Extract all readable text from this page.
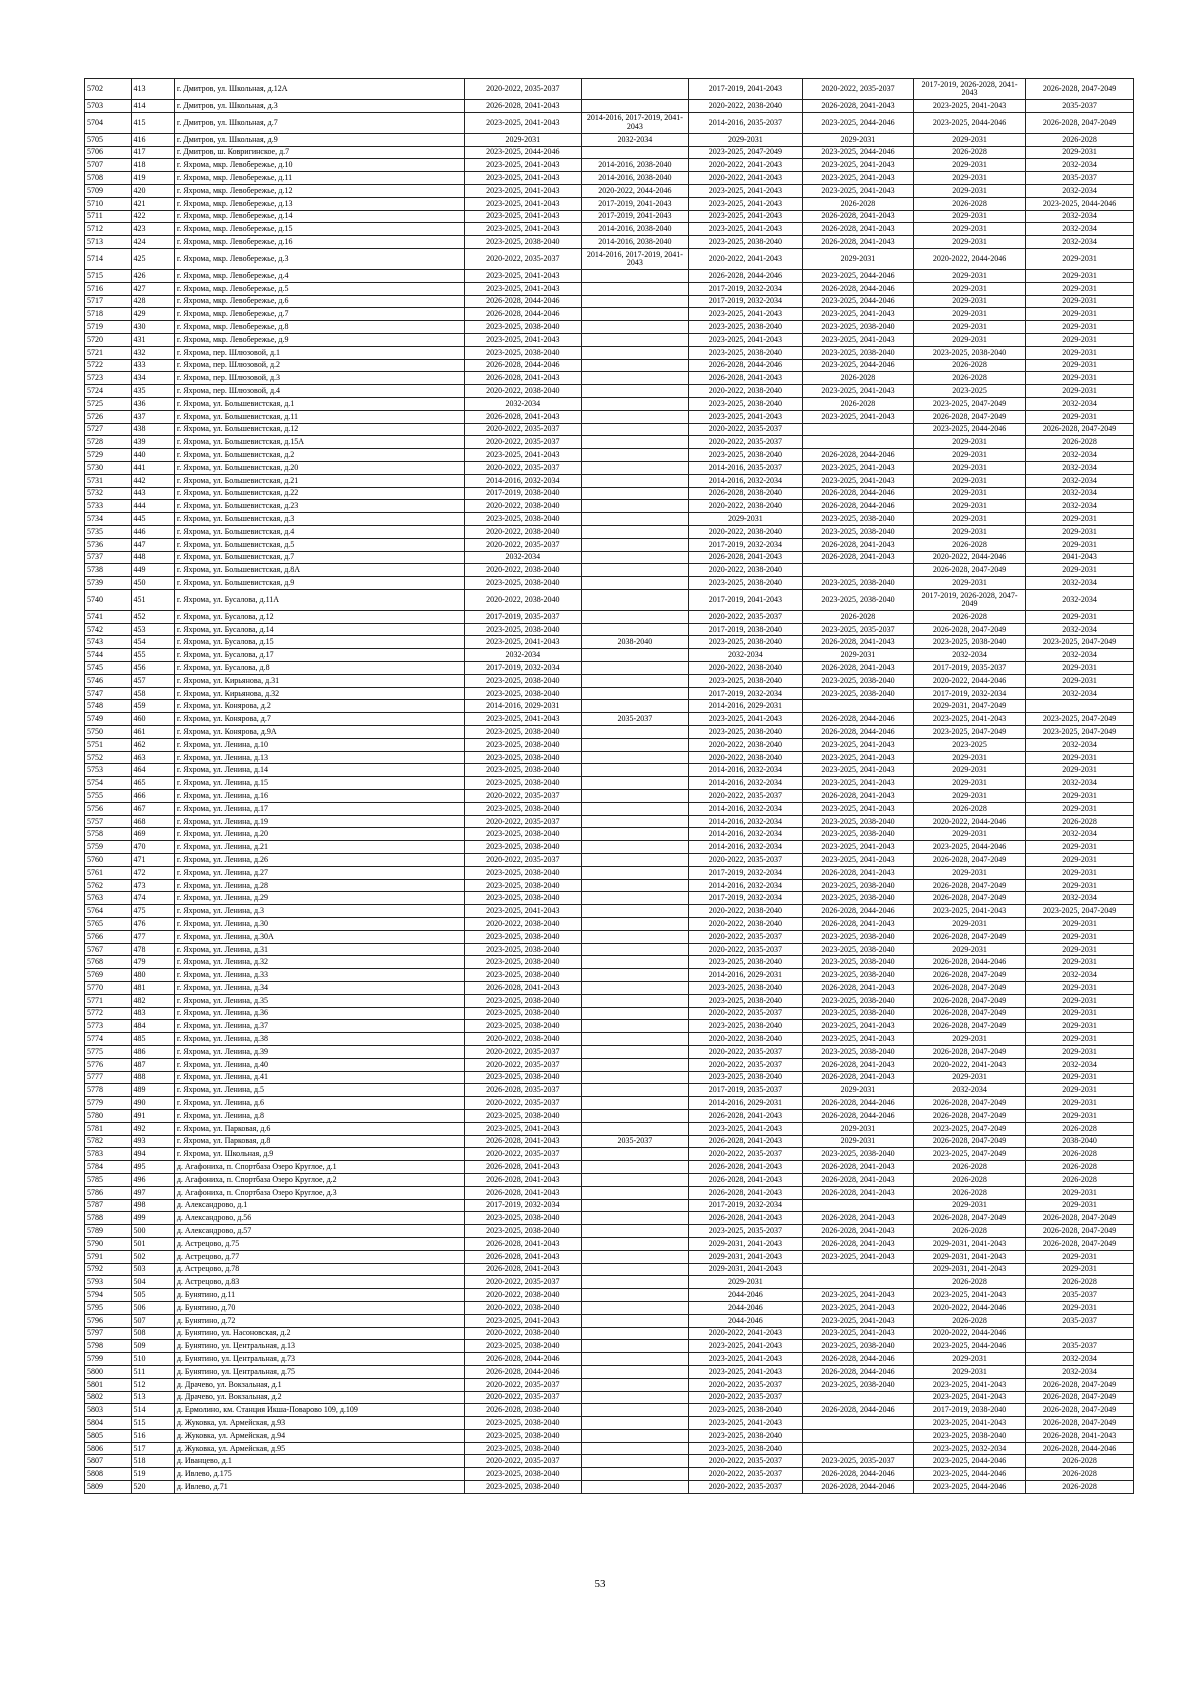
5702	413	г. Дмитров, ул. Школьная, д.12А	2020-2022, 2035-2037		2017-2019, 2041-2043	2020-2022, 2035-2037	2017-2019, 2026-2028, 2041-2043	2026-2028, 2047-2049
5703	414	г. Дмитров, ул. Школьная, д.3	2026-2028, 2041-2043		2020-2022, 2038-2040	2026-2028, 2041-2043	2023-2025, 2041-2043	2035-2037
5704	415	г. Дмитров, ул. Школьная, д.7	2023-2025, 2041-2043	2014-2016, 2017-2019, 2041-2043	2014-2016, 2035-2037	2023-2025, 2044-2046	2023-2025, 2044-2046	2026-2028, 2047-2049
5705	416	г. Дмитров, ул. Школьная, д.9	2029-2031	2032-2034	2029-2031	2029-2031	2029-2031	2026-2028
5706	417	г. Дмитров, ш. Ковригинское, д.7	2023-2025, 2044-2046		2023-2025, 2047-2049	2023-2025, 2044-2046	2026-2028	2029-2031
5707	418	г. Яхрома, мкр. Левобережье, д.10	2023-2025, 2041-2043	2014-2016, 2038-2040	2020-2022, 2041-2043	2023-2025, 2041-2043	2029-2031	2032-2034
5708	419	г. Яхрома, мкр. Левобережье, д.11	2023-2025, 2041-2043	2014-2016, 2038-2040	2020-2022, 2041-2043	2023-2025, 2041-2043	2029-2031	2035-2037
5709	420	г. Яхрома, мкр. Левобережье, д.12	2023-2025, 2041-2043	2020-2022, 2044-2046	2023-2025, 2041-2043	2023-2025, 2041-2043	2029-2031	2032-2034
5710	421	г. Яхрома, мкр. Левобережье, д.13	2023-2025, 2041-2043	2017-2019, 2041-2043	2023-2025, 2041-2043	2026-2028	2026-2028	2023-2025, 2044-2046
5711	422	г. Яхрома, мкр. Левобережье, д.14	2023-2025, 2041-2043	2017-2019, 2041-2043	2023-2025, 2041-2043	2026-2028, 2041-2043	2029-2031	2032-2034
5712	423	г. Яхрома, мкр. Левобережье, д.15	2023-2025, 2041-2043	2014-2016, 2038-2040	2023-2025, 2041-2043	2026-2028, 2041-2043	2029-2031	2032-2034
5713	424	г. Яхрома, мкр. Левобережье, д.16	2023-2025, 2038-2040	2014-2016, 2038-2040	2023-2025, 2038-2040	2026-2028, 2041-2043	2029-2031	2032-2034
5714	425	г. Яхрома, мкр. Левобережье, д.3	2020-2022, 2035-2037	2014-2016, 2017-2019, 2041-2043	2020-2022, 2041-2043	2029-2031	2020-2022, 2044-2046	2029-2031
5715	426	г. Яхрома, мкр. Левобережье, д.4	2023-2025, 2041-2043		2026-2028, 2044-2046	2023-2025, 2044-2046	2029-2031	2029-2031
5716	427	г. Яхрома, мкр. Левобережье, д.5	2023-2025, 2041-2043		2017-2019, 2032-2034	2026-2028, 2044-2046	2029-2031	2029-2031
5717	428	г. Яхрома, мкр. Левобережье, д.6	2026-2028, 2044-2046		2017-2019, 2032-2034	2023-2025, 2044-2046	2029-2031	2029-2031
5718	429	г. Яхрома, мкр. Левобережье, д.7	2026-2028, 2044-2046		2023-2025, 2041-2043	2023-2025, 2041-2043	2029-2031	2029-2031
5719	430	г. Яхрома, мкр. Левобережье, д.8	2023-2025, 2038-2040		2023-2025, 2038-2040	2023-2025, 2038-2040	2029-2031	2029-2031
5720	431	г. Яхрома, мкр. Левобережье, д.9	2023-2025, 2041-2043		2023-2025, 2041-2043	2023-2025, 2041-2043	2029-2031	2029-2031
5721	432	г. Яхрома, пер. Шлюзовой, д.1	2023-2025, 2038-2040		2023-2025, 2038-2040	2023-2025, 2038-2040	2023-2025, 2038-2040	2029-2031
5722	433	г. Яхрома, пер. Шлюзовой, д.2	2026-2028, 2044-2046		2026-2028, 2044-2046	2023-2025, 2044-2046	2026-2028	2029-2031
5723	434	г. Яхрома, пер. Шлюзовой, д.3	2026-2028, 2041-2043		2026-2028, 2041-2043	2026-2028	2026-2028	2029-2031
5724	435	г. Яхрома, пер. Шлюзовой, д.4	2020-2022, 2038-2040		2020-2022, 2038-2040	2023-2025, 2041-2043	2023-2025	2029-2031
5725	436	г. Яхрома, ул. Большевистская, д.1	2032-2034		2023-2025, 2038-2040	2026-2028	2023-2025, 2047-2049	2032-2034
5726	437	г. Яхрома, ул. Большевистская, д.11	2026-2028, 2041-2043		2023-2025, 2041-2043	2023-2025, 2041-2043	2026-2028, 2047-2049	2029-2031
5727	438	г. Яхрома, ул. Большевистская, д.12	2020-2022, 2035-2037		2020-2022, 2035-2037		2023-2025, 2044-2046	2026-2028, 2047-2049
5728	439	г. Яхрома, ул. Большевистская, д.15А	2020-2022, 2035-2037		2020-2022, 2035-2037		2029-2031	2026-2028
5729	440	г. Яхрома, ул. Большевистская, д.2	2023-2025, 2041-2043		2023-2025, 2038-2040	2026-2028, 2044-2046	2029-2031	2032-2034
5730	441	г. Яхрома, ул. Большевистская, д.20	2020-2022, 2035-2037		2014-2016, 2035-2037	2023-2025, 2041-2043	2029-2031	2032-2034
5731	442	г. Яхрома, ул. Большевистская, д.21	2014-2016, 2032-2034		2014-2016, 2032-2034	2023-2025, 2041-2043	2029-2031	2032-2034
5732	443	г. Яхрома, ул. Большевистская, д.22	2017-2019, 2038-2040		2026-2028, 2038-2040	2026-2028, 2044-2046	2029-2031	2032-2034
5733	444	г. Яхрома, ул. Большевистская, д.23	2020-2022, 2038-2040		2020-2022, 2038-2040	2026-2028, 2044-2046	2029-2031	2032-2034
5734	445	г. Яхрома, ул. Большевистская, д.3	2023-2025, 2038-2040		2029-2031	2023-2025, 2038-2040	2029-2031	2029-2031
5735	446	г. Яхрома, ул. Большевистская, д.4	2020-2022, 2038-2040		2020-2022, 2038-2040	2023-2025, 2038-2040	2029-2031	2029-2031
5736	447	г. Яхрома, ул. Большевистская, д.5	2020-2022, 2035-2037		2017-2019, 2032-2034	2026-2028, 2041-2043	2026-2028	2029-2031
5737	448	г. Яхрома, ул. Большевистская, д.7	2032-2034		2026-2028, 2041-2043	2026-2028, 2041-2043	2020-2022, 2044-2046	2041-2043
5738	449	г. Яхрома, ул. Большевистская, д.8А	2020-2022, 2038-2040		2020-2022, 2038-2040		2026-2028, 2047-2049	2029-2031
5739	450	г. Яхрома, ул. Большевистская, д.9	2023-2025, 2038-2040		2023-2025, 2038-2040	2023-2025, 2038-2040	2029-2031	2032-2034
5740	451	г. Яхрома, ул. Бусалова, д.11А	2020-2022, 2038-2040		2017-2019, 2041-2043	2023-2025, 2038-2040	2017-2019, 2026-2028, 2047-2049	2032-2034
5741	452	г. Яхрома, ул. Бусалова, д.12	2017-2019, 2035-2037		2020-2022, 2035-2037	2026-2028	2026-2028	2029-2031
5742	453	г. Яхрома, ул. Бусалова, д.14	2023-2025, 2038-2040		2017-2019, 2038-2040	2023-2025, 2035-2037	2026-2028, 2047-2049	2032-2034
5743	454	г. Яхрома, ул. Бусалова, д.15	2023-2025, 2041-2043	2038-2040	2023-2025, 2038-2040	2026-2028, 2041-2043	2023-2025, 2038-2040	2023-2025, 2047-2049
5744	455	г. Яхрома, ул. Бусалова, д.17	2032-2034		2032-2034	2029-2031	2032-2034	2032-2034
5745	456	г. Яхрома, ул. Бусалова, д.8	2017-2019, 2032-2034		2020-2022, 2038-2040	2026-2028, 2041-2043	2017-2019, 2035-2037	2029-2031
5746	457	г. Яхрома, ул. Кирьянова, д.31	2023-2025, 2038-2040		2023-2025, 2038-2040	2023-2025, 2038-2040	2020-2022, 2044-2046	2029-2031
5747	458	г. Яхрома, ул. Кирьянова, д.32	2023-2025, 2038-2040		2017-2019, 2032-2034	2023-2025, 2038-2040	2017-2019, 2032-2034	2032-2034
5748	459	г. Яхрома, ул. Конярова, д.2	2014-2016, 2029-2031		2014-2016, 2029-2031		2029-2031, 2047-2049	
5749	460	г. Яхрома, ул. Конярова, д.7	2023-2025, 2041-2043	2035-2037	2023-2025, 2041-2043	2026-2028, 2044-2046	2023-2025, 2041-2043	2023-2025, 2047-2049
5750	461	г. Яхрома, ул. Конярова, д.9А	2023-2025, 2038-2040		2023-2025, 2038-2040	2026-2028, 2044-2046	2023-2025, 2047-2049	2023-2025, 2047-2049
5751	462	г. Яхрома, ул. Ленина, д.10	2023-2025, 2038-2040		2020-2022, 2038-2040	2023-2025, 2041-2043	2023-2025	2032-2034
5752	463	г. Яхрома, ул. Ленина, д.13	2023-2025, 2038-2040		2020-2022, 2038-2040	2023-2025, 2041-2043	2029-2031	2029-2031
5753	464	г. Яхрома, ул. Ленина, д.14	2023-2025, 2038-2040		2014-2016, 2032-2034	2023-2025, 2041-2043	2029-2031	2029-2031
5754	465	г. Яхрома, ул. Ленина, д.15	2023-2025, 2038-2040		2014-2016, 2032-2034	2023-2025, 2041-2043	2029-2031	2032-2034
5755	466	г. Яхрома, ул. Ленина, д.16	2020-2022, 2035-2037		2020-2022, 2035-2037	2026-2028, 2041-2043	2029-2031	2029-2031
5756	467	г. Яхрома, ул. Ленина, д.17	2023-2025, 2038-2040		2014-2016, 2032-2034	2023-2025, 2041-2043	2026-2028	2029-2031
5757	468	г. Яхрома, ул. Ленина, д.19	2020-2022, 2035-2037		2014-2016, 2032-2034	2023-2025, 2038-2040	2020-2022, 2044-2046	2026-2028
5758	469	г. Яхрома, ул. Ленина, д.20	2023-2025, 2038-2040		2014-2016, 2032-2034	2023-2025, 2038-2040	2029-2031	2032-2034
5759	470	г. Яхрома, ул. Ленина, д.21	2023-2025, 2038-2040		2014-2016, 2032-2034	2023-2025, 2041-2043	2023-2025, 2044-2046	2029-2031
5760	471	г. Яхрома, ул. Ленина, д.26	2020-2022, 2035-2037		2020-2022, 2035-2037	2023-2025, 2041-2043	2026-2028, 2047-2049	2029-2031
5761	472	г. Яхрома, ул. Ленина, д.27	2023-2025, 2038-2040		2017-2019, 2032-2034	2026-2028, 2041-2043	2029-2031	2029-2031
5762	473	г. Яхрома, ул. Ленина, д.28	2023-2025, 2038-2040		2014-2016, 2032-2034	2023-2025, 2038-2040	2026-2028, 2047-2049	2029-2031
5763	474	г. Яхрома, ул. Ленина, д.29	2023-2025, 2038-2040		2017-2019, 2032-2034	2023-2025, 2038-2040	2026-2028, 2047-2049	2032-2034
5764	475	г. Яхрома, ул. Ленина, д.3	2023-2025, 2041-2043		2020-2022, 2038-2040	2026-2028, 2044-2046	2023-2025, 2041-2043	2023-2025, 2047-2049
5765	476	г. Яхрома, ул. Ленина, д.30	2020-2022, 2038-2040		2020-2022, 2038-2040	2026-2028, 2041-2043	2029-2031	2029-2031
5766	477	г. Яхрома, ул. Ленина, д.30А	2023-2025, 2038-2040		2020-2022, 2035-2037	2023-2025, 2038-2040	2026-2028, 2047-2049	2029-2031
5767	478	г. Яхрома, ул. Ленина, д.31	2023-2025, 2038-2040		2020-2022, 2035-2037	2023-2025, 2038-2040	2029-2031	2029-2031
5768	479	г. Яхрома, ул. Ленина, д.32	2023-2025, 2038-2040		2023-2025, 2038-2040	2023-2025, 2038-2040	2026-2028, 2044-2046	2029-2031
5769	480	г. Яхрома, ул. Ленина, д.33	2023-2025, 2038-2040		2014-2016, 2029-2031	2023-2025, 2038-2040	2026-2028, 2047-2049	2032-2034
5770	481	г. Яхрома, ул. Ленина, д.34	2026-2028, 2041-2043		2023-2025, 2038-2040	2026-2028, 2041-2043	2026-2028, 2047-2049	2029-2031
5771	482	г. Яхрома, ул. Ленина, д.35	2023-2025, 2038-2040		2023-2025, 2038-2040	2023-2025, 2038-2040	2026-2028, 2047-2049	2029-2031
5772	483	г. Яхрома, ул. Ленина, д.36	2023-2025, 2038-2040		2020-2022, 2035-2037	2023-2025, 2038-2040	2026-2028, 2047-2049	2029-2031
5773	484	г. Яхрома, ул. Ленина, д.37	2023-2025, 2038-2040		2023-2025, 2038-2040	2023-2025, 2041-2043	2026-2028, 2047-2049	2029-2031
5774	485	г. Яхрома, ул. Ленина, д.38	2020-2022, 2038-2040		2020-2022, 2038-2040	2023-2025, 2041-2043	2029-2031	2029-2031
5775	486	г. Яхрома, ул. Ленина, д.39	2020-2022, 2035-2037		2020-2022, 2035-2037	2023-2025, 2038-2040	2026-2028, 2047-2049	2029-2031
5776	487	г. Яхрома, ул. Ленина, д.40	2020-2022, 2035-2037		2020-2022, 2035-2037	2026-2028, 2041-2043	2020-2022, 2041-2043	2032-2034
5777	488	г. Яхрома, ул. Ленина, д.41	2023-2025, 2038-2040		2023-2025, 2038-2040	2026-2028, 2041-2043	2029-2031	2029-2031
5778	489	г. Яхрома, ул. Ленина, д.5	2026-2028, 2035-2037		2017-2019, 2035-2037	2029-2031	2032-2034	2029-2031
5779	490	г. Яхрома, ул. Ленина, д.6	2020-2022, 2035-2037		2014-2016, 2029-2031	2026-2028, 2044-2046	2026-2028, 2047-2049	2029-2031
5780	491	г. Яхрома, ул. Ленина, д.8	2023-2025, 2038-2040		2026-2028, 2041-2043	2026-2028, 2044-2046	2026-2028, 2047-2049	2029-2031
5781	492	г. Яхрома, ул. Парковая, д.6	2023-2025, 2041-2043		2023-2025, 2041-2043	2029-2031	2023-2025, 2047-2049	2026-2028
5782	493	г. Яхрома, ул. Парковая, д.8	2026-2028, 2041-2043	2035-2037	2026-2028, 2041-2043	2029-2031	2026-2028, 2047-2049	2038-2040
5783	494	г. Яхрома, ул. Школьная, д.9	2020-2022, 2035-2037		2020-2022, 2035-2037	2023-2025, 2038-2040	2023-2025, 2047-2049	2026-2028
5784	495	д. Агафониха, п. Спортбаза Озеро Круглое, д.1	2026-2028, 2041-2043		2026-2028, 2041-2043	2026-2028, 2041-2043	2026-2028	2026-2028
5785	496	д. Агафониха, п. Спортбаза Озеро Круглое, д.2	2026-2028, 2041-2043		2026-2028, 2041-2043	2026-2028, 2041-2043	2026-2028	2026-2028
5786	497	д. Агафониха, п. Спортбаза Озеро Круглое, д.3	2026-2028, 2041-2043		2026-2028, 2041-2043	2026-2028, 2041-2043	2026-2028	2029-2031
5787	498	д. Александрово, д.1	2017-2019, 2032-2034		2017-2019, 2032-2034		2029-2031	2029-2031
5788	499	д. Александрово, д.56	2023-2025, 2038-2040		2026-2028, 2041-2043	2026-2028, 2041-2043	2026-2028, 2047-2049	2026-2028, 2047-2049
5789	500	д. Александрово, д.57	2023-2025, 2038-2040		2023-2025, 2035-2037	2026-2028, 2041-2043	2026-2028	2026-2028, 2047-2049
5790	501	д. Астрецово, д.75	2026-2028, 2041-2043		2029-2031, 2041-2043	2026-2028, 2041-2043	2029-2031, 2041-2043	2026-2028, 2047-2049
5791	502	д. Астрецово, д.77	2026-2028, 2041-2043		2029-2031, 2041-2043	2023-2025, 2041-2043	2029-2031, 2041-2043	2029-2031
5792	503	д. Астрецово, д.78	2026-2028, 2041-2043		2029-2031, 2041-2043		2029-2031, 2041-2043	2029-2031
5793	504	д. Астрецово, д.83	2020-2022, 2035-2037		2029-2031		2026-2028	2026-2028
5794	505	д. Бунятино, д.11	2020-2022, 2038-2040		2044-2046	2023-2025, 2041-2043	2023-2025, 2041-2043	2035-2037
5795	506	д. Бунятино, д.70	2020-2022, 2038-2040		2044-2046	2023-2025, 2041-2043	2020-2022, 2044-2046	2029-2031
5796	507	д. Бунятино, д.72	2023-2025, 2041-2043		2044-2046	2023-2025, 2041-2043	2026-2028	2035-2037
5797	508	д. Бунятино, ул. Насоновская, д.2	2020-2022, 2038-2040		2020-2022, 2041-2043	2023-2025, 2041-2043	2020-2022, 2044-2046	
5798	509	д. Бунятино, ул. Центральная, д.13	2023-2025, 2038-2040		2023-2025, 2041-2043	2023-2025, 2038-2040	2023-2025, 2044-2046	2035-2037
5799	510	д. Бунятино, ул. Центральная, д.73	2026-2028, 2044-2046		2023-2025, 2041-2043	2026-2028, 2044-2046	2029-2031	2032-2034
5800	511	д. Бунятино, ул. Центральная, д.75	2026-2028, 2044-2046		2023-2025, 2041-2043	2026-2028, 2044-2046	2029-2031	2032-2034
5801	512	д. Драчево, ул. Вокзальная, д.1	2020-2022, 2035-2037		2020-2022, 2035-2037	2023-2025, 2038-2040	2023-2025, 2041-2043	2026-2028, 2047-2049
5802	513	д. Драчево, ул. Вокзальная, д.2	2020-2022, 2035-2037		2020-2022, 2035-2037		2023-2025, 2041-2043	2026-2028, 2047-2049
5803	514	д. Ермолино, км. Станция Икша-Поварово 109, д.109	2026-2028, 2038-2040		2023-2025, 2038-2040	2026-2028, 2044-2046	2017-2019, 2038-2040	2026-2028, 2047-2049
5804	515	д. Жуковка, ул. Армейская, д.93	2023-2025, 2038-2040		2023-2025, 2041-2043		2023-2025, 2041-2043	2026-2028, 2047-2049
5805	516	д. Жуковка, ул. Армейская, д.94	2023-2025, 2038-2040		2023-2025, 2038-2040		2023-2025, 2038-2040	2026-2028, 2041-2043
5806	517	д. Жуковка, ул. Армейская, д.95	2023-2025, 2038-2040		2023-2025, 2038-2040		2023-2025, 2032-2034	2026-2028, 2044-2046
5807	518	д. Иванцево, д.1	2020-2022, 2035-2037		2020-2022, 2035-2037	2023-2025, 2035-2037	2023-2025, 2044-2046	2026-2028
5808	519	д. Ивлево, д.175	2023-2025, 2038-2040		2020-2022, 2035-2037	2026-2028, 2044-2046	2023-2025, 2044-2046	2026-2028
5809	520	д. Ивлево, д.71	2023-2025, 2038-2040		2020-2022, 2035-2037	2026-2028, 2044-2046	2023-2025, 2044-2046	2026-2028
53
